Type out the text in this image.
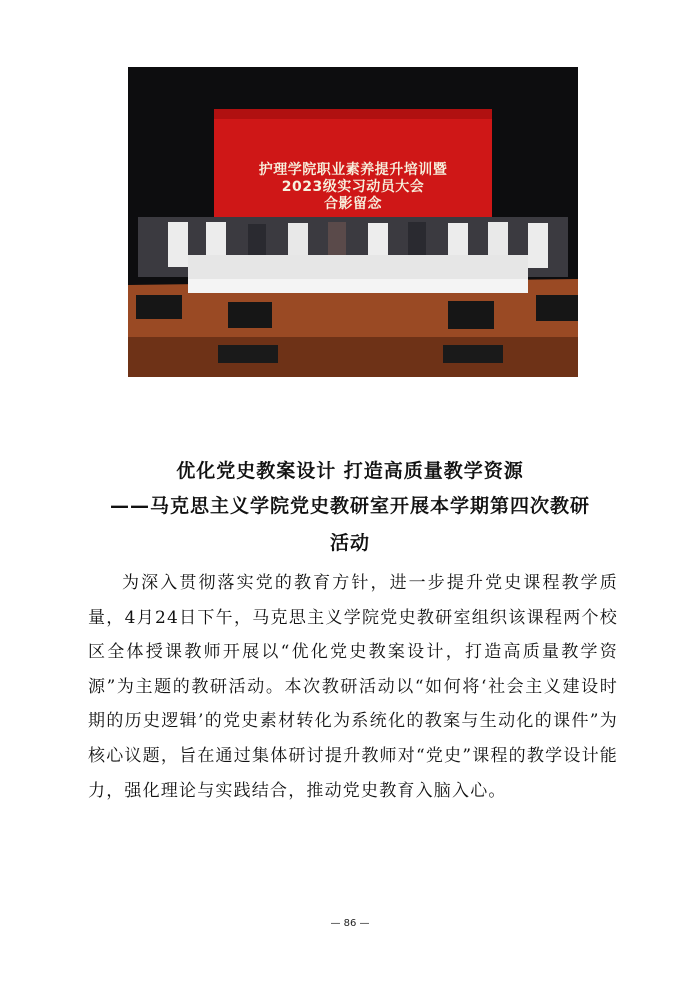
护理学院职业素养提升培训暨
2023级实习动员大会
合影留念
优化党史教案设计 打造高质量教学资源
——马克思主义学院党史教研室开展本学期第四次教研
活动

为深入贯彻落实党的教育方针，进一步提升党史课程教学质量，4月24日下午，马克思主义学院党史教研室组织该课程两个校区全体授课教师开展以“优化党史教案设计，打造高质量教学资源”为主题的教研活动。本次教研活动以“如何将‘社会主义建设时期的历史逻辑’的党史素材转化为系统化的教案与生动化的课件”为核心议题，旨在通过集体研讨提升教师对“党史”课程的教学设计能力，强化理论与实践结合，推动党史教育入脑入心。

— 86 —
